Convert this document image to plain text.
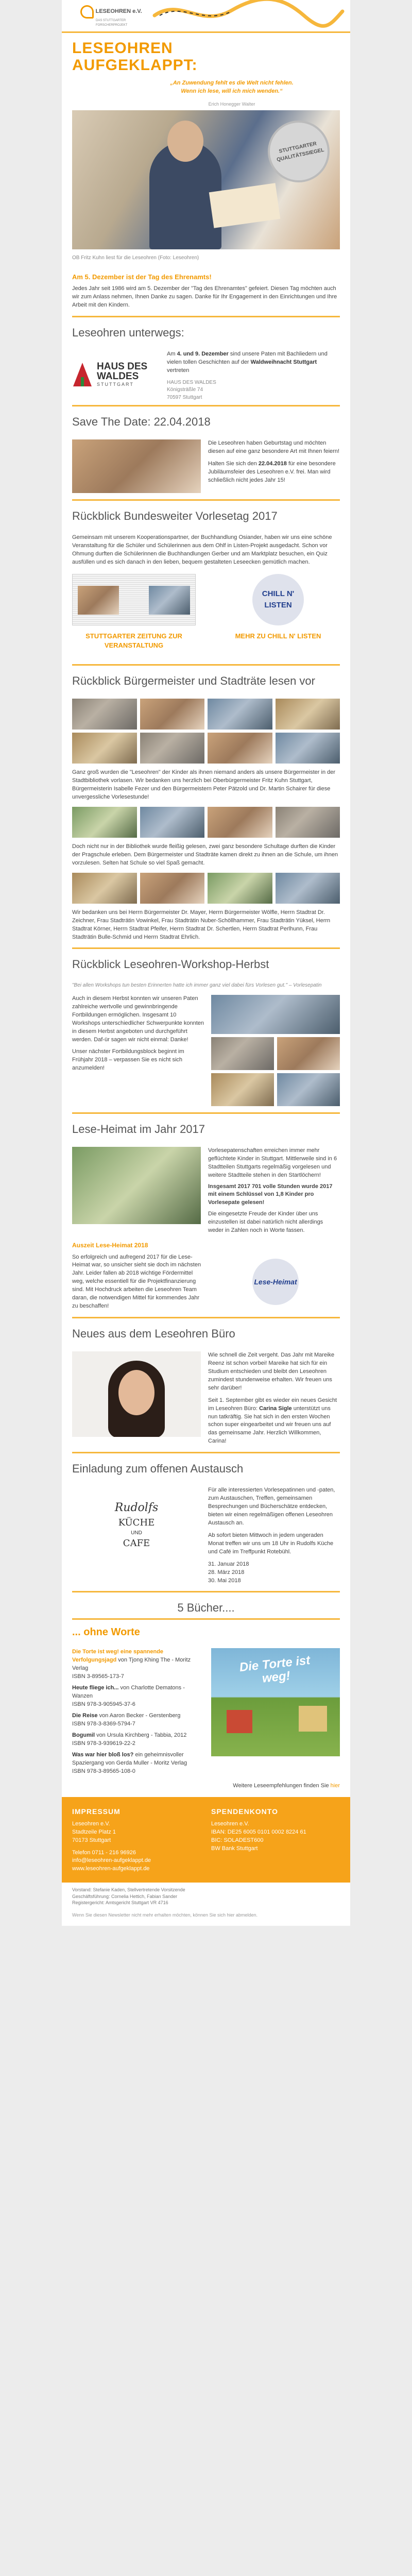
LESEOHREN e.V.
DAS STUTTGARTER FORSCHERPROJEKT
LESEOHREN
AUFGEKLAPPT:
„An Zuwendung fehlt es die Welt nicht fehlen. Wenn ich lese, will ich mich wenden.“
Erich Honegger Walter
STUTTGARTER QUALITÄTSSIEGEL
OB Fritz Kuhn liest für die Leseohren (Foto: Leseohren)
Am 5. Dezember ist der Tag des Ehrenamts!

Jedes Jahr seit 1986 wird am 5. Dezember der "Tag des Ehrenamtes" gefeiert. Diesen Tag möchten auch wir zum Anlass nehmen, Ihnen Danke zu sagen. Danke für Ihr Engagement in den Einrichtungen und Ihre Arbeit mit den Kindern.

Leseohren unterwegs:
HAUS DES
WALDES
STUTTGART

Am 4. und 9. Dezember sind unsere Paten mit Bachliedern und vielen tollen Geschichten auf der Waldweihnacht Stuttgart vertreten

HAUS DES WALDES
Königsträßle 74
70597 Stuttgart
Save The Date: 22.04.2018

Die Leseohren haben Geburtstag und möchten diesen auf eine ganz besondere Art mit Ihnen feiern!

Halten Sie sich den 22.04.2018 für eine besondere Jubiläumsfeier des Leseohren e.V. frei. Man wird schließlich nicht jedes Jahr 15!

Rückblick Bundesweiter Vorlesetag 2017

Gemeinsam mit unserem Kooperationspartner, der Buchhandlung Osiander, haben wir uns eine schöne Veranstaltung für die Schüler und Schülerinnen aus dem Ohlf in Listen-Projekt ausgedacht. Schon vor Ohmung durften die Schülerinnen die Buchhandlungen Gerber und am Marktplatz besuchen, ein Quiz ausfüllen und es sich danach in den lieben, bequem gestalteten Leseecken gemütlich machen.

STUTTGARTER ZEITUNG ZUR VERANSTALTUNG
CHILL N'
LISTEN
MEHR ZU CHILL N' LISTEN
Rückblick Bürgermeister und Stadträte lesen vor

Ganz groß wurden die "Leseohren" der Kinder als ihnen niemand anders als unsere Bürgermeister in der Stadtbibliothek vorlasen. Wir bedanken uns herzlich bei Oberbürgermeister Fritz Kuhn Stuttgart, Bürgermeisterin Isabelle Fezer und den Bürgermeistern Peter Pätzold und Dr. Martin Schairer für diese unvergessliche Vorlesestunde!

Doch nicht nur in der Bibliothek wurde fleißig gelesen, zwei ganz besondere Schultage durften die Kinder der Pragschule erleben. Dem Bürgermeister und Stadträte kamen direkt zu ihnen an die Schule, um ihnen vorzulesen. Selten hat Schule so viel Spaß gemacht.

Wir bedanken uns bei Herrn Bürgermeister Dr. Mayer, Herrn Bürgermeister Wölfle, Herrn Stadtrat Dr. Zeichner, Frau Stadträtin Vowinkel, Frau Stadträtin Nuber-Schöllhammer, Frau Stadträtin Yüksel, Herrn Stadtrat Körner, Herrn Stadtrat Pfeifer, Herrn Stadtrat Dr. Schertlen, Herrn Stadtrat Perlhunn, Frau Stadträtin Bulle-Schmid und Herrn Stadtrat Ehrlich.

Rückblick Leseohren-Workshop-Herbst

"Bei allen Workshops tun besten Erinnerten hatte ich immer ganz viel dabei fürs Vorlesen gut." – Vorlesepatin

Auch in diesem Herbst konnten wir unseren Paten zahlreiche wertvolle und gewinnbringende Fortbildungen ermöglichen. Insgesamt 10 Workshops unterschiedlicher Schwerpunkte konnten in diesem Herbst angeboten und durchgeführt werden. Daf-ür sagen wir nicht einmal: Danke!

Unser nächster Fortbildungsblock beginnt im Frühjahr 2018 – verpassen Sie es nicht sich anzumelden!

Lese-Heimat im Jahr 2017

Vorlesepatenschaften erreichen immer mehr geflüchtete Kinder in Stuttgart. Mittlerweile sind in 6 Stadtteilen Stuttgarts regelmäßig vorgelesen und weitere Stadtteile stehen in den Startlöchern!

Insgesamt 2017 701 volle Stunden wurde 2017 mit einem Schlüssel von 1,8 Kinder pro Vorlesepate gelesen!

Die eingesetzte Freude der Kinder über uns einzustellen ist dabei natürlich nicht allerdings weder in Zahlen noch in Worte fassen.

Auszeit Lese-Heimat 2018

So erfolgreich und aufregend 2017 für die Lese-Heimat war, so unsicher sieht sie doch im nächsten Jahr. Leider fallen ab 2018 wichtige Fördermittel weg, welche essentiell für die Projektfinanzierung sind. Mit Hochdruck arbeiten die Leseohren Team daran, die notwendigen Mittel für kommendes Jahr zu beschaffen!

Lese-Heimat
Neues aus dem Leseohren Büro

Wie schnell die Zeit vergeht. Das Jahr mit Mareike Reenz ist schon vorbei! Mareike hat sich für ein Studium entschieden und bleibt den Leseohren zumindest stundenweise erhalten. Wir freuen uns sehr darüber!

Seit 1. September gibt es wieder ein neues Gesicht im Leseohren Büro: Carina Sigle unterstützt uns nun tatkräftig. Sie hat sich in den ersten Wochen schon super eingearbeitet und wir freuen uns auf das gemeinsame Jahr. Herzlich Willkommen, Carina!

Einladung zum offenen Austausch
Rudolfs
KÜCHE
UND
CAFE

Für alle interessierten Vorlesepatinnen und -paten, zum Austauschen, Treffen, gemeinsamen Besprechungen und Bücherschätze entdecken, bieten wir einen regelmäßigen offenen Leseohren Austausch an.

Ab sofort bieten Mittwoch in jedem ungeraden Monat treffen wir uns um 18 Uhr in Rudolfs Küche und Café im Treffpunkt Rotebühl.

31. Januar 2018
28. März 2018
30. Mai 2018
5 Bücher....
... ohne Worte
Die Torte ist weg! eine spannende Verfolgungsjagd von Tjong Khing The - Moritz Verlag
ISBN 3-89565-173-7
Heute fliege ich... von Charlotte Dematons - Wanzen
ISBN 978-3-905945-37-6
Die Reise von Aaron Becker - Gerstenberg
ISBN 978-3-8369-5794-7
Bogumil von Ursula Kirchberg - Tabbia, 2012
ISBN 978-3-939619-22-2
Was war hier bloß los? ein geheimnisvoller Spaziergang von Gerda Muller - Moritz Verlag
ISBN 978-3-89565-108-0
Die Torte ist weg!
Weitere Leseempfehlungen finden Sie hier
IMPRESSUM
Leseohren e.V.
Stadtzeile Platz 1
70173 Stuttgart
Telefon 0711 - 216 96926
info@leseohren-aufgeklappt.de
www.leseohren-aufgeklappt.de
SPENDENKONTO
Leseohren e.V.
IBAN: DE25 6005 0101 0002 8224 61
BIC: SOLADEST600
BW Bank Stuttgart
Vorstand: Stefanie Kaden, Stellvertretende Vorsitzende
Geschäftsführung: Cornelia Hettich, Fabian Sander
Registergericht: Amtsgericht Stuttgart VR 4716
Wenn Sie diesen Newsletter nicht mehr erhalten möchten, können Sie sich hier abmelden.
